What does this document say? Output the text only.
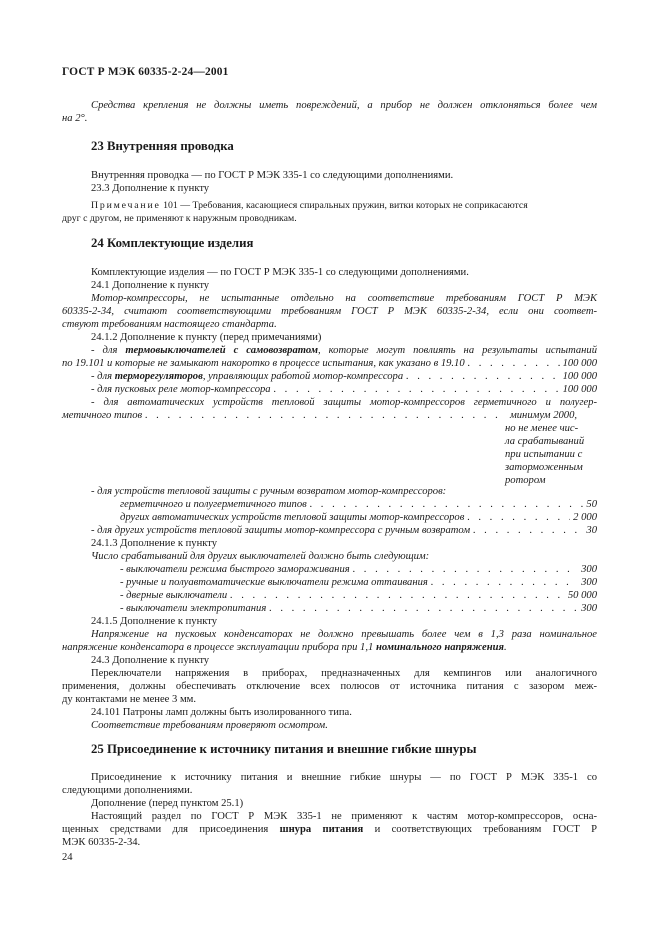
ГОСТ Р МЭК 60335-2-24—2001
Средства крепления не должны иметь повреждений, а прибор не должен отклоняться более чем
на 2°.
23 Внутренняя проводка
Внутренняя проводка — по ГОСТ Р МЭК 335-1 со следующими дополнениями.
23.3 Дополнение к пункту
Примечание 101 — Требования, касающиеся спиральных пружин, витки которых не соприкасаются
друг с другом, не применяют к наружным проводникам.
24 Комплектующие изделия
Комплектующие изделия — по ГОСТ Р МЭК 335-1 со следующими дополнениями.
24.1 Дополнение к пункту
Мотор-компрессоры, не испытанные отдельно на соответствие требованиям ГОСТ Р МЭК
60335-2-34, считают соответствующими требованиям ГОСТ Р МЭК 60335-2-34, если они соответ-
ствуют требованиям настоящего стандарта.
24.1.2 Дополнение к пункту (перед примечаниями)
- для термовыключателей с самовозвратом, которые могут повлиять на результаты испытаний
по 19.101 и которые не замыкают накоротко в процессе испытания, как указано в 19.10 . . .	100 000
- для терморегуляторов, управляющих работой мотор-компрессора . . .	100 000
- для пусковых реле мотор-компрессора . . .	100 000
- для автоматических устройств тепловой защиты мотор-компрессоров герметичного и полугер-
метичного типов . . .	минимум 2000,
но не менее чис-
ла срабатываний
при испытании с
заторможенным
ротором
- для устройств тепловой защиты с ручным возвратом мотор-компрессоров:
герметичного и полугерметичного типов . . .	50
других автоматических устройств тепловой защиты мотор-компрессоров . . .	2 000
- для других устройств тепловой защиты мотор-компрессора с ручным возвратом . . .	30
24.1.3 Дополнение к пункту
Число срабатываний для других выключателей должно быть следующим:
- выключатели режима быстрого замораживания . . .	300
- ручные и полуавтоматические выключатели режима оттаивания . . .	300
- дверные выключатели . . .	50 000
- выключатели электропитания . . .	300
24.1.5 Дополнение к пункту
Напряжение на пусковых конденсаторах не должно превышать более чем в 1,3 раза номинальное
напряжение конденсатора в процессе эксплуатации прибора при 1,1 номинального напряжения.
24.3 Дополнение к пункту
Переключатели напряжения в приборах, предназначенных для кемпингов или аналогичного
применения, должны обеспечивать отключение всех полюсов от источника питания с зазором меж-
ду контактами не менее 3 мм.
24.101 Патроны ламп должны быть изолированного типа.
Соответствие требованиям проверяют осмотром.
25 Присоединение к источнику питания и внешние гибкие шнуры
Присоединение к источнику питания и внешние гибкие шнуры — по ГОСТ Р МЭК 335-1 со
следующими дополнениями.
Дополнение (перед пунктом 25.1)
Настоящий раздел по ГОСТ Р МЭК 335-1 не применяют к частям мотор-компрессоров, осна-
щенных средствами для присоединения шнура питания и соответствующих требованиям ГОСТ Р
МЭК 60335-2-34.
24
